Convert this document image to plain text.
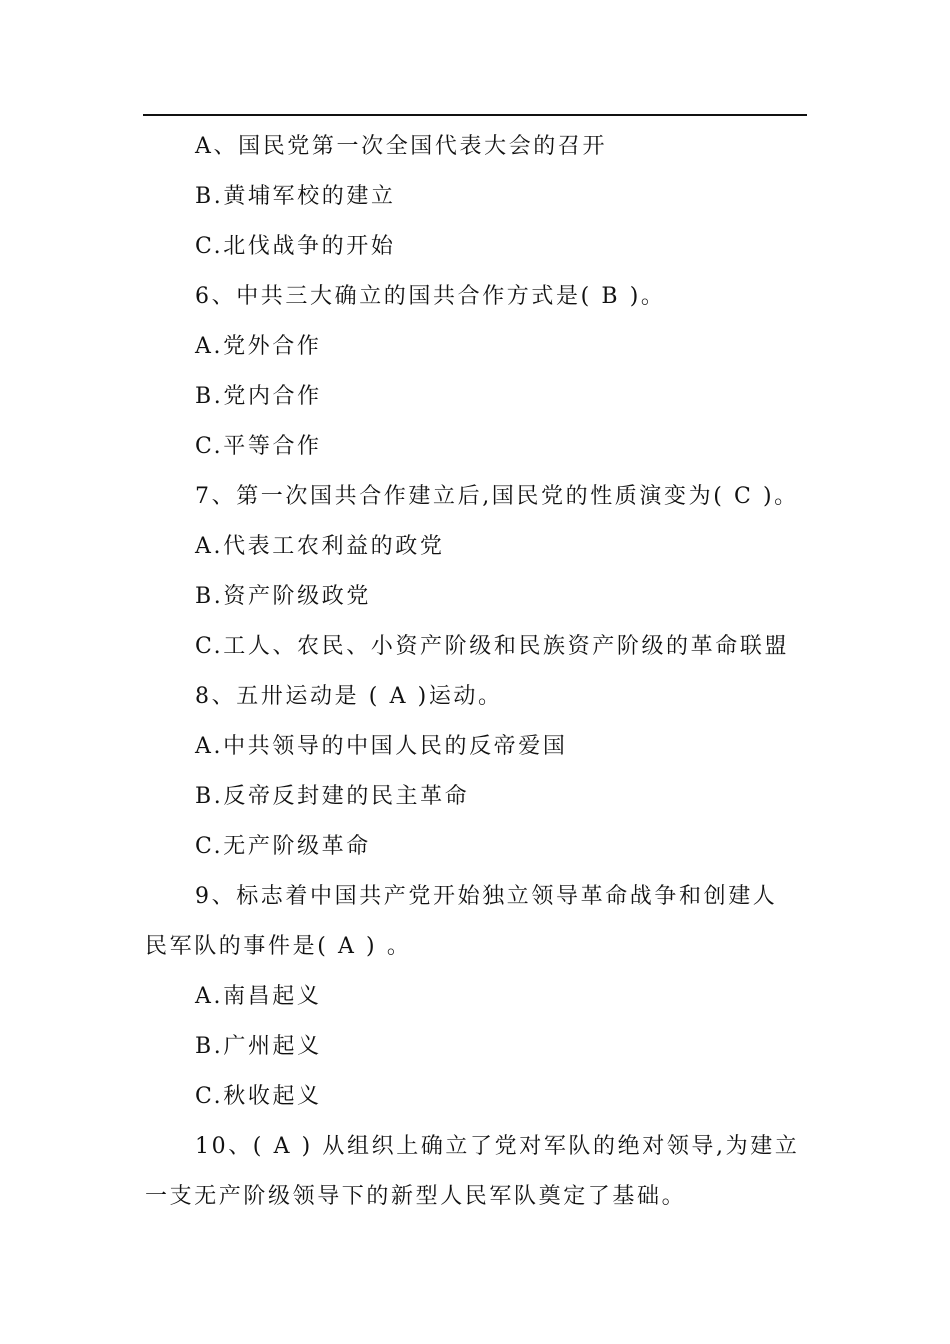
A、国民党第一次全国代表大会的召开
B.黄埔军校的建立
C.北伐战争的开始
6、中共三大确立的国共合作方式是( B )。
A.党外合作
B.党内合作
C.平等合作
7、第一次国共合作建立后,国民党的性质演变为( C )。
A.代表工农利益的政党
B.资产阶级政党
C.工人、农民、小资产阶级和民族资产阶级的革命联盟
8、五卅运动是 ( A )运动。
A.中共领导的中国人民的反帝爱国
B.反帝反封建的民主革命
C.无产阶级革命
9、标志着中国共产党开始独立领导革命战争和创建人
民军队的事件是( A ) 。
A.南昌起义
B.广州起义
C.秋收起义
10、( A ) 从组织上确立了党对军队的绝对领导,为建立
一支无产阶级领导下的新型人民军队奠定了基础。
